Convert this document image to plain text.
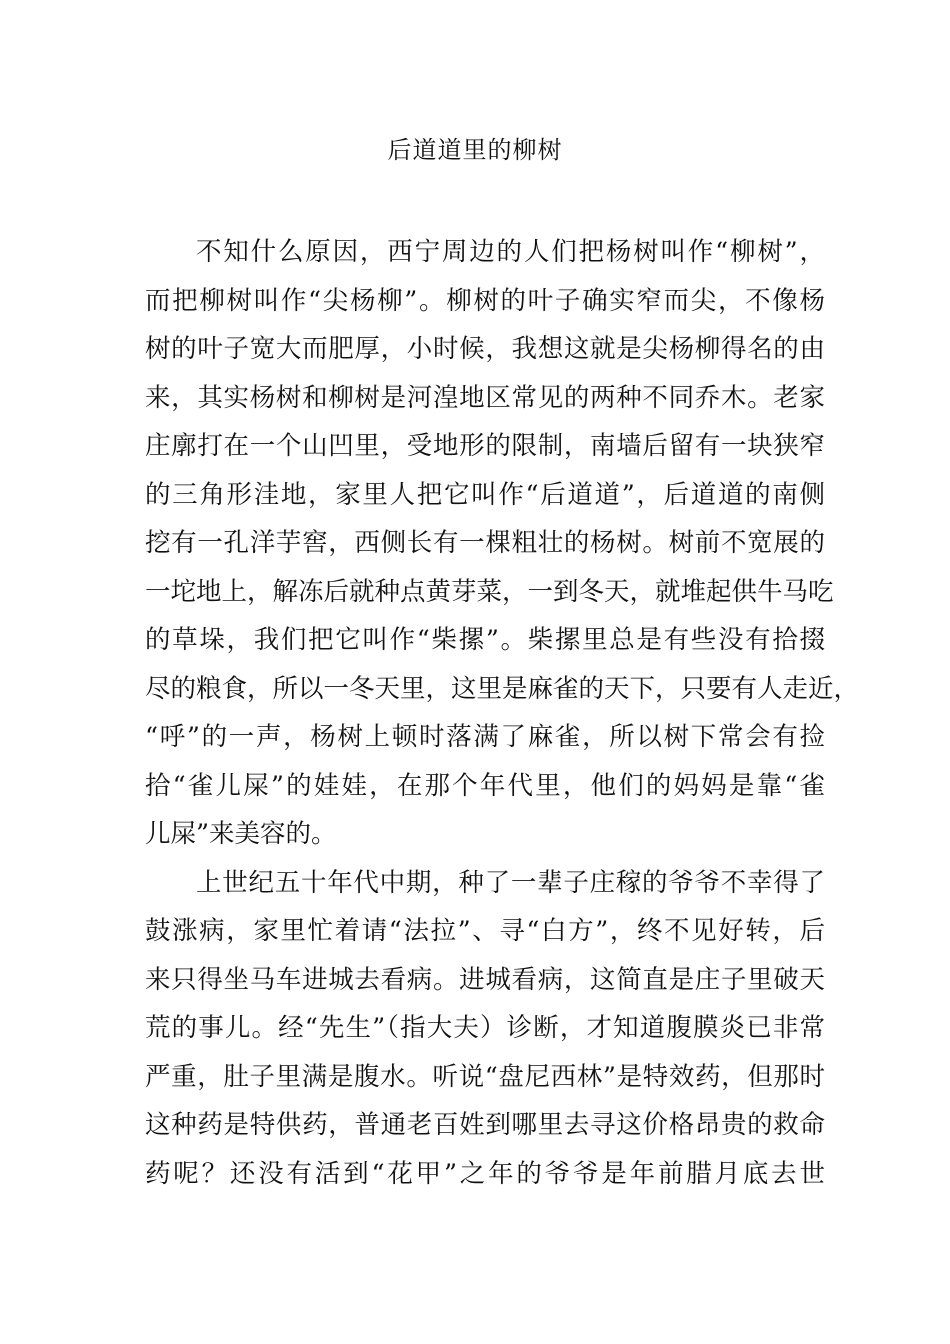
后道道里的柳树
不知什么原因，西宁周边的人们把杨树叫作“柳树”，
而把柳树叫作“尖杨柳”。柳树的叶子确实窄而尖，不像杨
树的叶子宽大而肥厚，小时候，我想这就是尖杨柳得名的由
来，其实杨树和柳树是河湟地区常见的两种不同乔木。老家
庄廓打在一个山凹里，受地形的限制，南墙后留有一块狭窄
的三角形洼地，家里人把它叫作“后道道”，后道道的南侧
挖有一孔洋芋窖，西侧长有一棵粗壮的杨树。树前不宽展的
一坨地上，解冻后就种点黄芽菜，一到冬天，就堆起供牛马吃
的草垛，我们把它叫作“柴摞”。柴摞里总是有些没有拾掇
尽的粮食，所以一冬天里，这里是麻雀的天下，只要有人走近，
“呼”的一声，杨树上顿时落满了麻雀，所以树下常会有捡
拾“雀儿屎”的娃娃，在那个年代里，他们的妈妈是靠“雀
儿屎”来美容的。
上世纪五十年代中期，种了一辈子庄稼的爷爷不幸得了
鼓涨病，家里忙着请“法拉”、寻“白方”，终不见好转，后
来只得坐马车进城去看病。进城看病，这简直是庄子里破天
荒的事儿。经“先生”（指大夫）诊断，才知道腹膜炎已非常
严重，肚子里满是腹水。听说“盘尼西林”是特效药，但那时
这种药是特供药，普通老百姓到哪里去寻这价格昂贵的救命
药呢？还没有活到“花甲”之年的爷爷是年前腊月底去世
